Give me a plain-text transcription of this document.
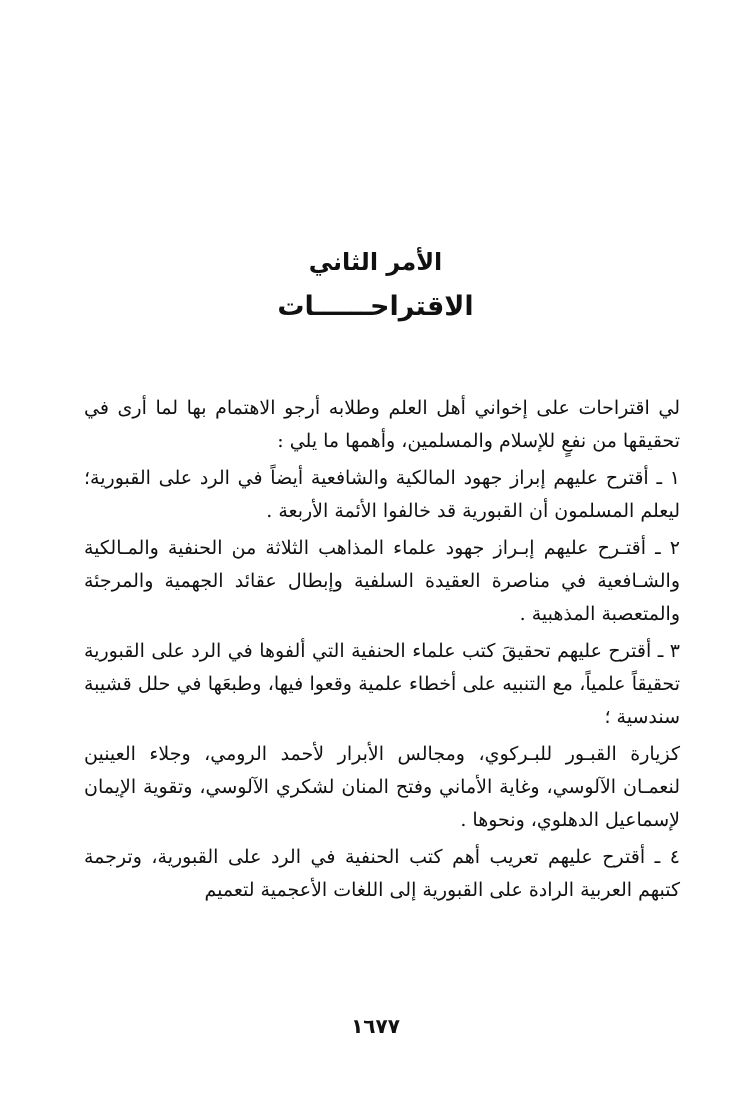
الأمر الثاني
الاقتراحــــــات

لي اقتراحات على إخواني أهل العلم وطلابه أرجو الاهتمام بها لما أرى في تحقيقها من نفعٍ للإسلام والمسلمين، وأهمها ما يلي :

١ ـ أقترح عليهم إبراز جهود المالكية والشافعية أيضاً في الرد على القبورية؛ ليعلم المسلمون أن القبورية قد خالفوا الأئمة الأربعة .

٢ ـ أقتـرح عليهم إبـراز جهود علماء المذاهب الثلاثة من الحنفية والمـالكية والشـافعية في مناصرة العقيدة السلفية وإبطال عقائد الجهمية والمرجئة والمتعصبة المذهبية .

٣ ـ أقترح عليهم تحقيقَ كتب علماء الحنفية التي ألفوها في الرد على القبورية تحقيقاً علمياً، مع التنبيه على أخطاء علمية وقعوا فيها، وطبعَها في حلل قشيبة سندسية ؛

كزيارة القبـور للبـركوي، ومجالس الأبرار لأحمد الرومي، وجلاء العينين لنعمـان الآلوسي، وغاية الأماني وفتح المنان لشكري الآلوسي، وتقوية الإيمان لإسماعيل الدهلوي، ونحوها .

٤ ـ أقترح عليهم تعريب أهم كتب الحنفية في الرد على القبورية، وترجمة كتبهم العربية الرادة على القبورية إلى اللغات الأعجمية لتعميم

١٦٧٧
